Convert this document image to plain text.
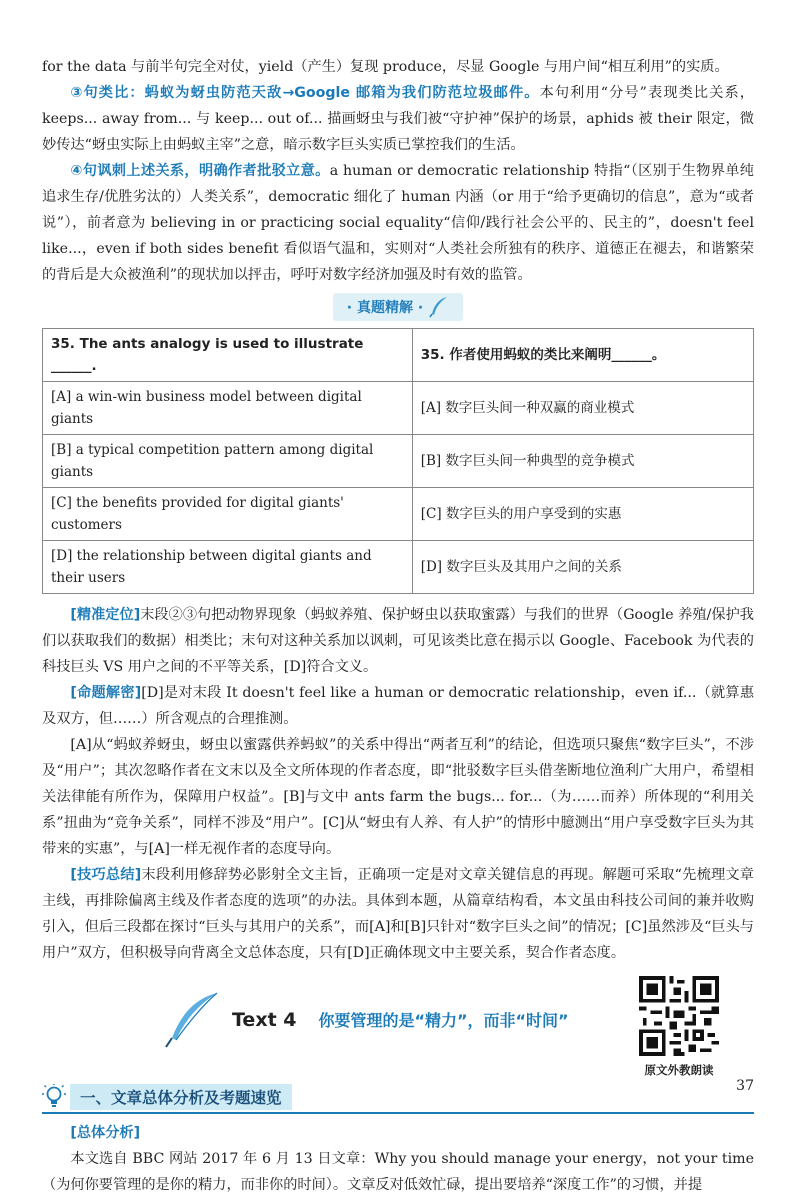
for the data 与前半句完全对仗，yield（产生）复现 produce，尽显 Google 与用户间“相互利用”的实质。

③句类比：蚂蚁为蚜虫防范天敌→Google 邮箱为我们防范垃圾邮件。本句利用“分号”表现类比关系，keeps... away from... 与 keep... out of... 描画蚜虫与我们被“守护神”保护的场景，aphids 被 their 限定，微妙传达“蚜虫实际上由蚂蚁主宰”之意，暗示数字巨头实质已掌控我们的生活。

④句讽刺上述关系，明确作者批驳立意。a human or democratic relationship 特指“（区别于生物界单纯追求生存/优胜劣汰的）人类关系”，democratic 细化了 human 内涵（or 用于“给予更确切的信息”，意为“或者说”），前者意为 believing in or practicing social equality“信仰/践行社会公平的、民主的”，doesn't feel like...，even if both sides benefit 看似语气温和，实则对“人类社会所独有的秩序、道德正在褪去，和谐繁荣的背后是大众被渔利”的现状加以抨击，呼吁对数字经济加强及时有效的监管。

· 真题精解 ·
35. The ants analogy is used to illustrate ______.	35. 作者使用蚂蚁的类比来阐明______。
[A] a win-win business model between digital giants	[A] 数字巨头间一种双赢的商业模式
[B] a typical competition pattern among digital giants	[B] 数字巨头间一种典型的竞争模式
[C] the benefits provided for digital giants' customers	[C] 数字巨头的用户享受到的实惠
[D] the relationship between digital giants and their users	[D] 数字巨头及其用户之间的关系

[精准定位]末段②③句把动物界现象（蚂蚁养殖、保护蚜虫以获取蜜露）与我们的世界（Google 养殖/保护我们以获取我们的数据）相类比；末句对这种关系加以讽刺，可见该类比意在揭示以 Google、Facebook 为代表的科技巨头 VS 用户之间的不平等关系，[D]符合文义。

[命题解密][D]是对末段 It doesn't feel like a human or democratic relationship，even if...（就算惠及双方，但……）所含观点的合理推测。

[A]从“蚂蚁养蚜虫，蚜虫以蜜露供养蚂蚁”的关系中得出“两者互利”的结论，但选项只聚焦“数字巨头”，不涉及“用户”；其次忽略作者在文末以及全文所体现的作者态度，即“批驳数字巨头借垄断地位渔利广大用户，希望相关法律能有所作为，保障用户权益”。[B]与文中 ants farm the bugs... for...（为……而养）所体现的“利用关系”扭曲为“竞争关系”，同样不涉及“用户”。[C]从“蚜虫有人养、有人护”的情形中臆测出“用户享受数字巨头为其带来的实惠”，与[A]一样无视作者的态度导向。

[技巧总结]末段利用修辞势必影射全文主旨，正确项一定是对文章关键信息的再现。解题可采取“先梳理文章主线，再排除偏离主线及作者态度的选项”的办法。具体到本题，从篇章结构看，本文虽由科技公司间的兼并收购引入，但后三段都在探讨“巨头与其用户的关系”，而[A]和[B]只针对“数字巨头之间”的情况；[C]虽然涉及“巨头与用户”双方，但积极导向背离全文总体态度，只有[D]正确体现文中主要关系，契合作者态度。

Text 4 你要管理的是“精力”，而非“时间”
原文外教朗读
一、文章总体分析及考题速览

[总体分析]

本文选自 BBC 网站 2017 年 6 月 13 日文章：Why you should manage your energy，not your time（为何你要管理的是你的精力，而非你的时间）。文章反对低效忙碌，提出要培养“深度工作”的习惯，并提

37
